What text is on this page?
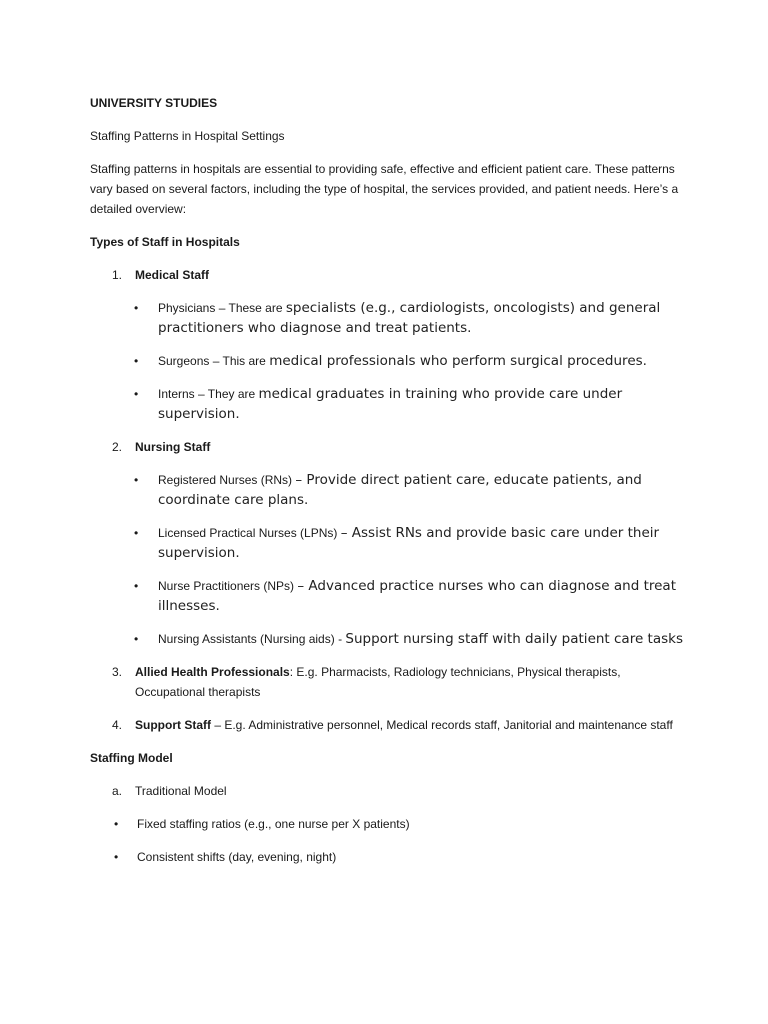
UNIVERSITY STUDIES

Staffing Patterns in Hospital Settings

Staffing patterns in hospitals are essential to providing safe, effective and efficient patient care. These patterns vary based on several factors, including the type of hospital, the services provided, and patient needs. Here’s a detailed overview:

Types of Staff in Hospitals

1. Medical Staff
• Physicians – These are specialists (e.g., cardiologists, oncologists) and general practitioners who diagnose and treat patients.
• Surgeons – This are medical professionals who perform surgical procedures.
• Interns – They are medical graduates in training who provide care under supervision.
2. Nursing Staff
• Registered Nurses (RNs) – Provide direct patient care, educate patients, and coordinate care plans.
• Licensed Practical Nurses (LPNs) – Assist RNs and provide basic care under their supervision.
• Nurse Practitioners (NPs) – Advanced practice nurses who can diagnose and treat illnesses.
• Nursing Assistants (Nursing aids) - Support nursing staff with daily patient care tasks
3. Allied Health Professionals: E.g. Pharmacists, Radiology technicians, Physical therapists, Occupational therapists
4. Support Staff – E.g. Administrative personnel, Medical records staff, Janitorial and maintenance staff

Staffing Model

a. Traditional Model
• Fixed staffing ratios (e.g., one nurse per X patients)
• Consistent shifts (day, evening, night)
